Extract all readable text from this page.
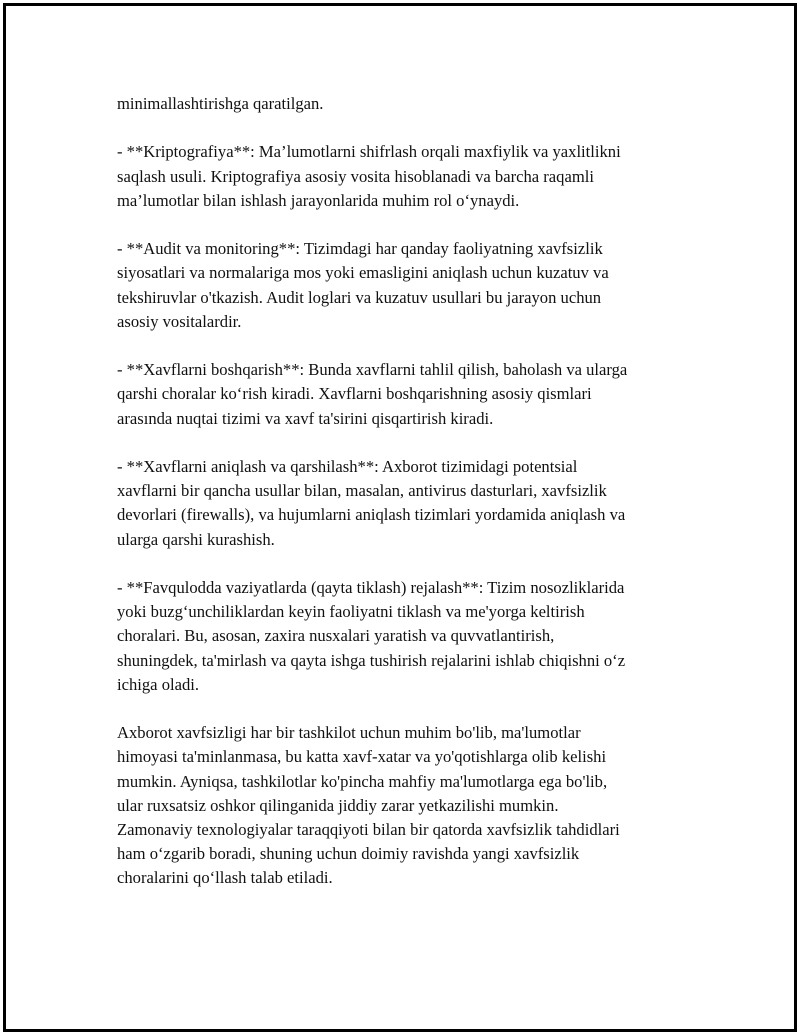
minimallashtirishga qaratilgan.

- **Kriptografiya**: Ma’lumotlarni shifrlash orqali maxfiylik va yaxlitlikni
saqlash usuli. Kriptografiya asosiy vosita hisoblanadi va barcha raqamli
ma’lumotlar bilan ishlash jarayonlarida muhim rol o‘ynaydi.

- **Audit va monitoring**: Tizimdagi har qanday faoliyatning xavfsizlik
siyosatlari va normalariga mos yoki emasligini aniqlash uchun kuzatuv va
tekshiruvlar o'tkazish. Audit loglari va kuzatuv usullari bu jarayon uchun
asosiy vositalardir.

- **Xavflarni boshqarish**: Bunda xavflarni tahlil qilish, baholash va ularga
qarshi choralar ko‘rish kiradi. Xavflarni boshqarishning asosiy qismlari
arasında nuqtai tizimi va xavf ta'sirini qisqartirish kiradi.

- **Xavflarni aniqlash va qarshilash**: Axborot tizimidagi potentsial
xavflarni bir qancha usullar bilan, masalan, antivirus dasturlari, xavfsizlik
devorlari (firewalls), va hujumlarni aniqlash tizimlari yordamida aniqlash va
ularga qarshi kurashish.

- **Favqulodda vaziyatlarda (qayta tiklash) rejalash**: Tizim nosozliklarida
yoki buzg‘unchiliklardan keyin faoliyatni tiklash va me'yorga keltirish
choralari. Bu, asosan, zaxira nusxalari yaratish va quvvatlantirish,
shuningdek, ta'mirlash va qayta ishga tushirish rejalarini ishlab chiqishni o‘z
ichiga oladi.

Axborot xavfsizligi har bir tashkilot uchun muhim bo'lib, ma'lumotlar
himoyasi ta'minlanmasa, bu katta xavf-xatar va yo'qotishlarga olib kelishi
mumkin. Ayniqsa, tashkilotlar ko'pincha mahfiy ma'lumotlarga ega bo'lib,
ular ruxsatsiz oshkor qilinganida jiddiy zarar yetkazilishi mumkin.
Zamonaviy texnologiyalar taraqqiyoti bilan bir qatorda xavfsizlik tahdidlari
ham o‘zgarib boradi, shuning uchun doimiy ravishda yangi xavfsizlik
choralarini qo‘llash talab etiladi.
